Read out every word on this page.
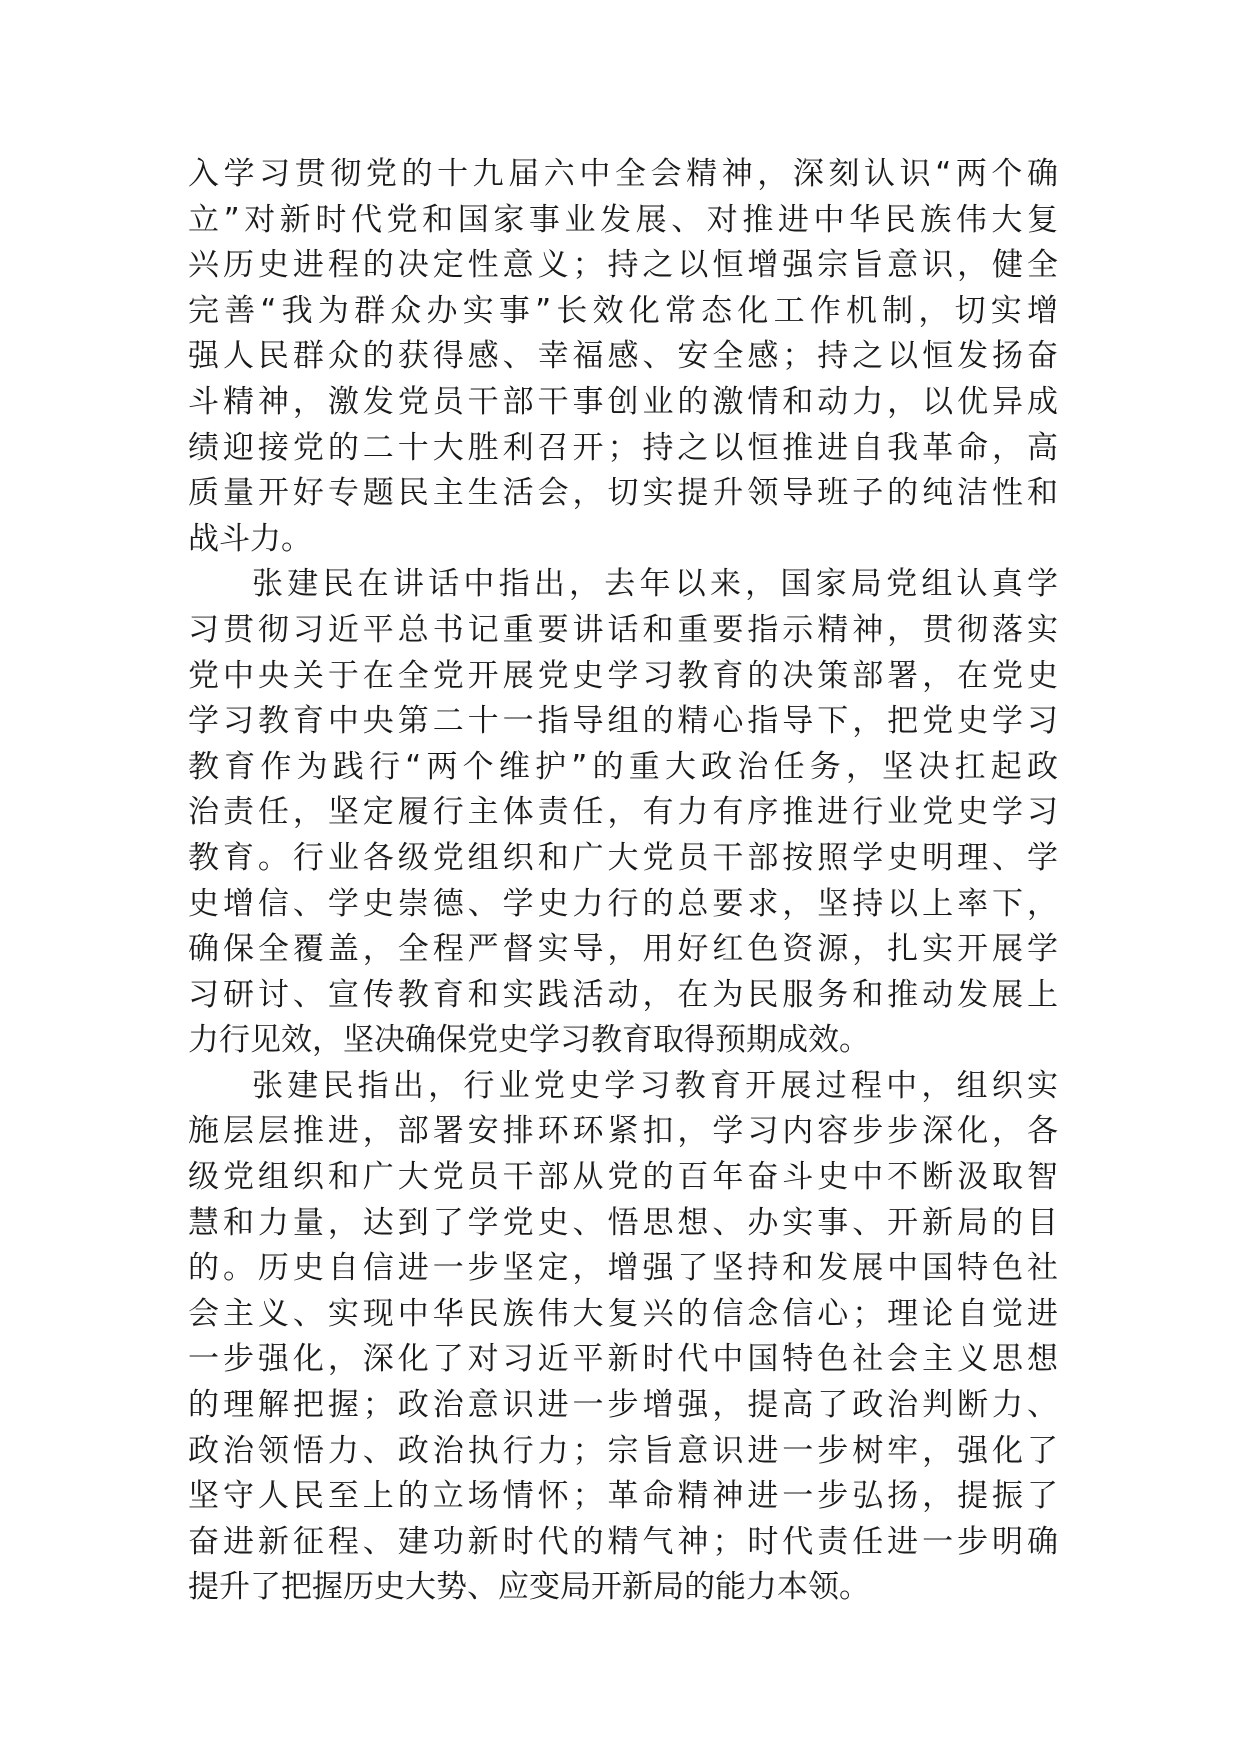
入学习贯彻党的十九届六中全会精神，深刻认识“两个确
立”对新时代党和国家事业发展、对推进中华民族伟大复
兴历史进程的决定性意义；持之以恒增强宗旨意识，健全
完善“我为群众办实事”长效化常态化工作机制，切实增
强人民群众的获得感、幸福感、安全感；持之以恒发扬奋
斗精神，激发党员干部干事创业的激情和动力，以优异成
绩迎接党的二十大胜利召开；持之以恒推进自我革命，高
质量开好专题民主生活会，切实提升领导班子的纯洁性和
战斗力。
张建民在讲话中指出，去年以来，国家局党组认真学
习贯彻习近平总书记重要讲话和重要指示精神，贯彻落实
党中央关于在全党开展党史学习教育的决策部署，在党史
学习教育中央第二十一指导组的精心指导下，把党史学习
教育作为践行“两个维护”的重大政治任务，坚决扛起政
治责任，坚定履行主体责任，有力有序推进行业党史学习
教育。行业各级党组织和广大党员干部按照学史明理、学
史增信、学史崇德、学史力行的总要求，坚持以上率下，
确保全覆盖，全程严督实导，用好红色资源，扎实开展学
习研讨、宣传教育和实践活动，在为民服务和推动发展上
力行见效，坚决确保党史学习教育取得预期成效。
张建民指出，行业党史学习教育开展过程中，组织实
施层层推进，部署安排环环紧扣，学习内容步步深化，各
级党组织和广大党员干部从党的百年奋斗史中不断汲取智
慧和力量，达到了学党史、悟思想、办实事、开新局的目
的。历史自信进一步坚定，增强了坚持和发展中国特色社
会主义、实现中华民族伟大复兴的信念信心；理论自觉进
一步强化，深化了对习近平新时代中国特色社会主义思想
的理解把握；政治意识进一步增强，提高了政治判断力、
政治领悟力、政治执行力；宗旨意识进一步树牢，强化了
坚守人民至上的立场情怀；革命精神进一步弘扬，提振了
奋进新征程、建功新时代的精气神；时代责任进一步明确
提升了把握历史大势、应变局开新局的能力本领。
